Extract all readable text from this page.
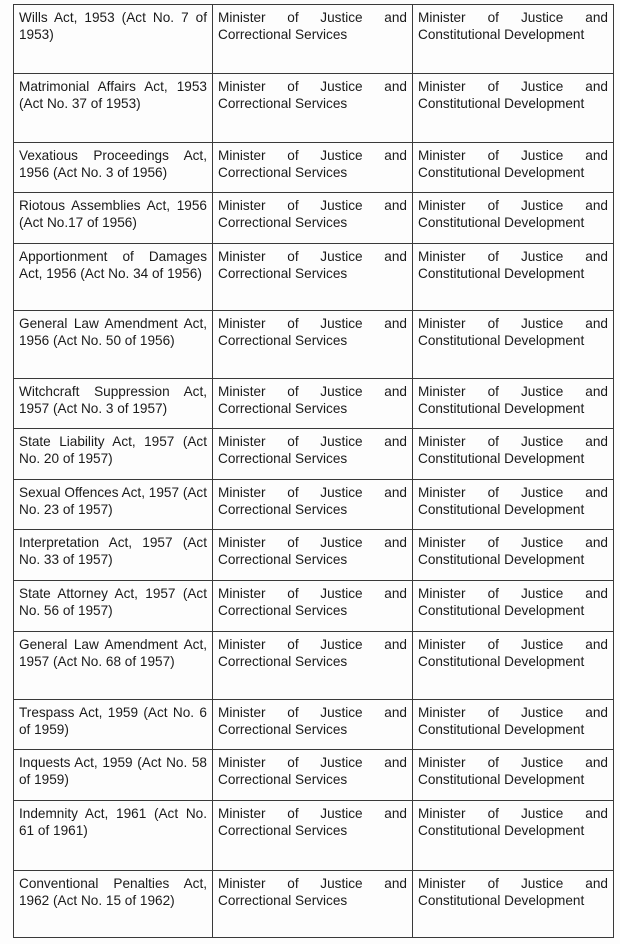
Wills Act, 1953 (Act No. 7 of 1953)	Minister of Justice and Correctional Services	Minister of Justice and Constitutional Development
Matrimonial Affairs Act, 1953 (Act No. 37 of 1953)	Minister of Justice and Correctional Services	Minister of Justice and Constitutional Development
Vexatious Proceedings Act, 1956 (Act No. 3 of 1956)	Minister of Justice and Correctional Services	Minister of Justice and Constitutional Development
Riotous Assemblies Act, 1956 (Act No.17 of 1956)	Minister of Justice and Correctional Services	Minister of Justice and Constitutional Development
Apportionment of Damages Act, 1956 (Act No. 34 of 1956)	Minister of Justice and Correctional Services	Minister of Justice and Constitutional Development
General Law Amendment Act, 1956 (Act No. 50 of 1956)	Minister of Justice and Correctional Services	Minister of Justice and Constitutional Development
Witchcraft Suppression Act, 1957 (Act No. 3 of 1957)	Minister of Justice and Correctional Services	Minister of Justice and Constitutional Development
State Liability Act, 1957 (Act No. 20 of 1957)	Minister of Justice and Correctional Services	Minister of Justice and Constitutional Development
Sexual Offences Act, 1957 (Act No. 23 of 1957)	Minister of Justice and Correctional Services	Minister of Justice and Constitutional Development
Interpretation Act, 1957 (Act No. 33 of 1957)	Minister of Justice and Correctional Services	Minister of Justice and Constitutional Development
State Attorney Act, 1957 (Act No. 56 of 1957)	Minister of Justice and Correctional Services	Minister of Justice and Constitutional Development
General Law Amendment Act, 1957 (Act No. 68 of 1957)	Minister of Justice and Correctional Services	Minister of Justice and Constitutional Development
Trespass Act, 1959 (Act No. 6 of 1959)	Minister of Justice and Correctional Services	Minister of Justice and Constitutional Development
Inquests Act, 1959 (Act No. 58 of 1959)	Minister of Justice and Correctional Services	Minister of Justice and Constitutional Development
Indemnity Act, 1961 (Act No. 61 of 1961)	Minister of Justice and Correctional Services	Minister of Justice and Constitutional Development
Conventional Penalties Act, 1962 (Act No. 15 of 1962)	Minister of Justice and Correctional Services	Minister of Justice and Constitutional Development
